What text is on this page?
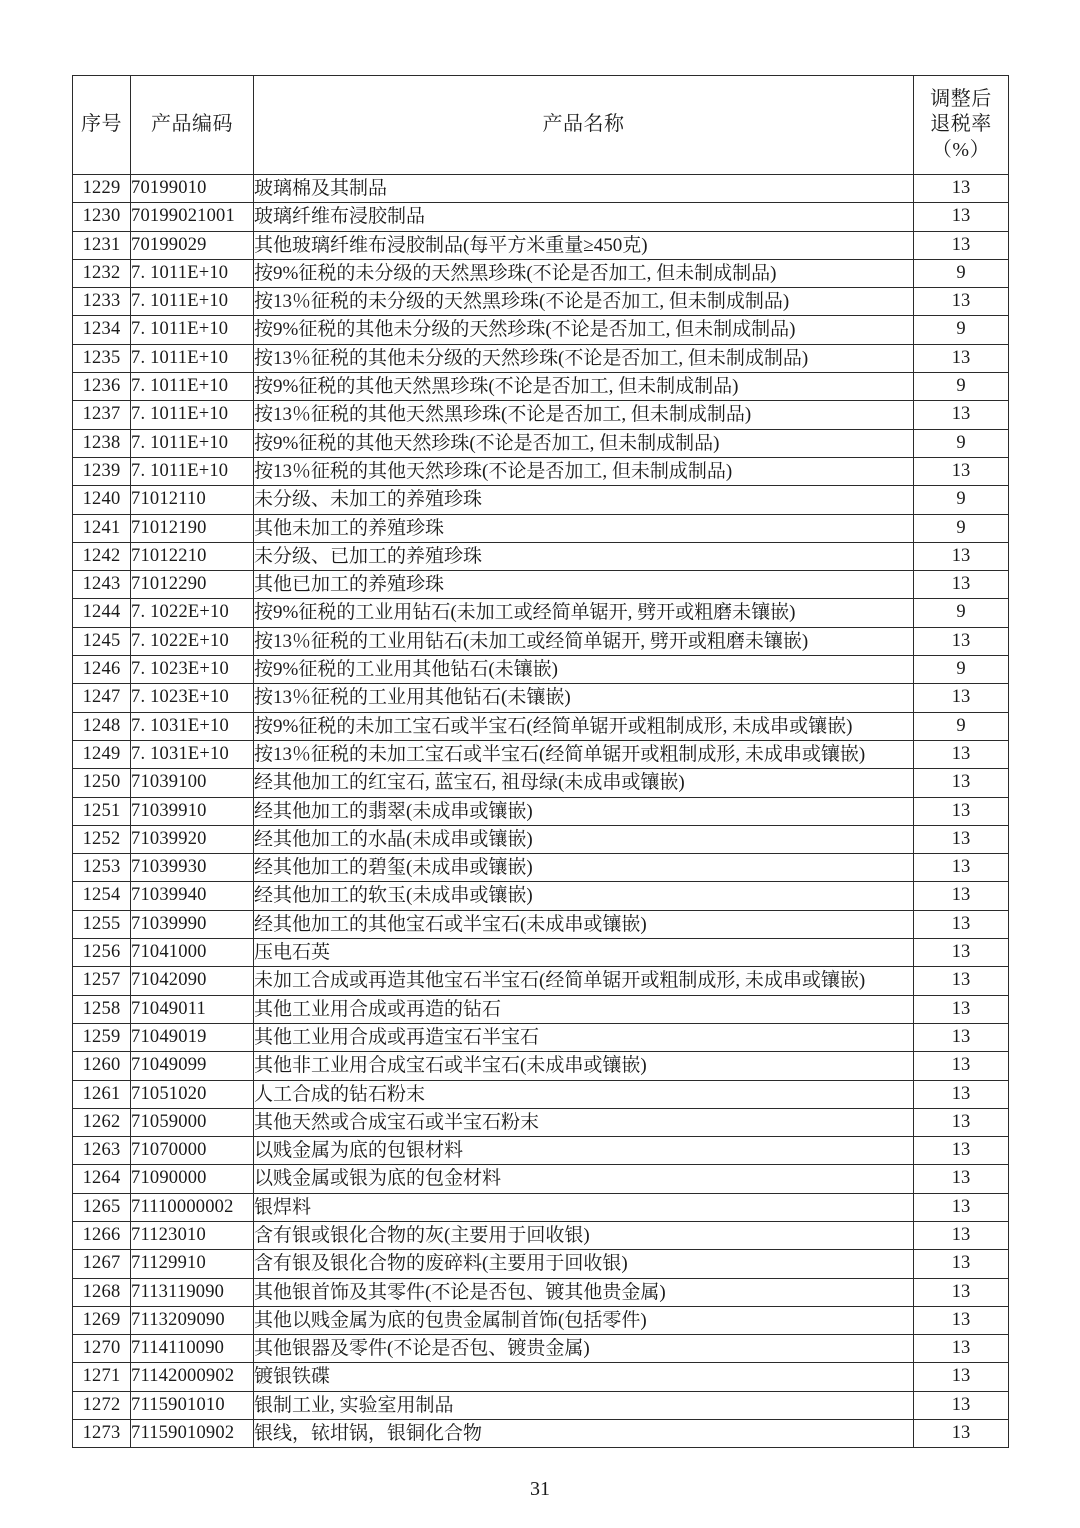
序号	产品编码	产品名称	调整后
退税率
（%）

1229	70199010	玻璃棉及其制品	13
1230	70199021001	玻璃纤维布浸胶制品	13
1231	70199029	其他玻璃纤维布浸胶制品(每平方米重量≥450克)	13
1232	7. 1011E+10	按9%征税的未分级的天然黑珍珠(不论是否加工, 但未制成制品)	9
1233	7. 1011E+10	按13％征税的未分级的天然黑珍珠(不论是否加工, 但未制成制品)	13
1234	7. 1011E+10	按9%征税的其他未分级的天然珍珠(不论是否加工, 但未制成制品)	9
1235	7. 1011E+10	按13％征税的其他未分级的天然珍珠(不论是否加工, 但未制成制品)	13
1236	7. 1011E+10	按9%征税的其他天然黑珍珠(不论是否加工, 但未制成制品)	9
1237	7. 1011E+10	按13％征税的其他天然黑珍珠(不论是否加工, 但未制成制品)	13
1238	7. 1011E+10	按9%征税的其他天然珍珠(不论是否加工, 但未制成制品)	9
1239	7. 1011E+10	按13％征税的其他天然珍珠(不论是否加工, 但未制成制品)	13
1240	71012110	未分级、未加工的养殖珍珠	9
1241	71012190	其他未加工的养殖珍珠	9
1242	71012210	未分级、已加工的养殖珍珠	13
1243	71012290	其他已加工的养殖珍珠	13
1244	7. 1022E+10	按9%征税的工业用钻石(未加工或经简单锯开, 劈开或粗磨未镶嵌)	9
1245	7. 1022E+10	按13％征税的工业用钻石(未加工或经简单锯开, 劈开或粗磨未镶嵌)	13
1246	7. 1023E+10	按9%征税的工业用其他钻石(未镶嵌)	9
1247	7. 1023E+10	按13％征税的工业用其他钻石(未镶嵌)	13
1248	7. 1031E+10	按9%征税的未加工宝石或半宝石(经简单锯开或粗制成形, 未成串或镶嵌)	9
1249	7. 1031E+10	按13％征税的未加工宝石或半宝石(经简单锯开或粗制成形, 未成串或镶嵌)	13
1250	71039100	经其他加工的红宝石, 蓝宝石, 祖母绿(未成串或镶嵌)	13
1251	71039910	经其他加工的翡翠(未成串或镶嵌)	13
1252	71039920	经其他加工的水晶(未成串或镶嵌)	13
1253	71039930	经其他加工的碧玺(未成串或镶嵌)	13
1254	71039940	经其他加工的软玉(未成串或镶嵌)	13
1255	71039990	经其他加工的其他宝石或半宝石(未成串或镶嵌)	13
1256	71041000	压电石英	13
1257	71042090	未加工合成或再造其他宝石半宝石(经简单锯开或粗制成形, 未成串或镶嵌)	13
1258	71049011	其他工业用合成或再造的钻石	13
1259	71049019	其他工业用合成或再造宝石半宝石	13
1260	71049099	其他非工业用合成宝石或半宝石(未成串或镶嵌)	13
1261	71051020	人工合成的钻石粉末	13
1262	71059000	其他天然或合成宝石或半宝石粉末	13
1263	71070000	以贱金属为底的包银材料	13
1264	71090000	以贱金属或银为底的包金材料	13
1265	71110000002	银焊料	13
1266	71123010	含有银或银化合物的灰(主要用于回收银)	13
1267	71129910	含有银及银化合物的废碎料(主要用于回收银)	13
1268	7113119090	其他银首饰及其零件(不论是否包、镀其他贵金属)	13
1269	7113209090	其他以贱金属为底的包贵金属制首饰(包括零件)	13
1270	7114110090	其他银器及零件(不论是否包、镀贵金属)	13
1271	71142000902	镀银铁碟	13
1272	7115901010	银制工业, 实验室用制品	13
1273	71159010902	银线，铱坩锅，银铜化合物	13
31
